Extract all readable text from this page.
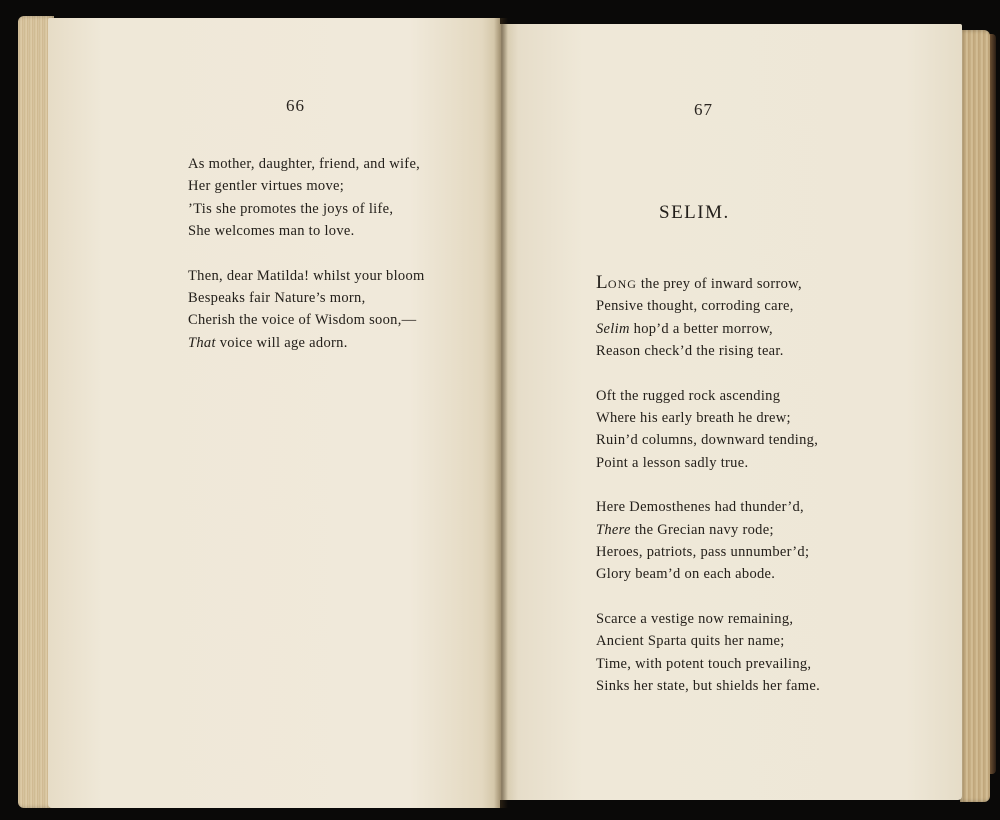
66
As mother, daughter, friend, and wife,
Her gentler virtues move;
’Tis she promotes the joys of life,
She welcomes man to love.
Then, dear Matilda! whilst your bloom
Bespeaks fair Nature’s morn,
Cherish the voice of Wisdom soon,—
That voice will age adorn.
67
SELIM.
LONG the prey of inward sorrow,
Pensive thought, corroding care,
Selim hop’d a better morrow,
Reason check’d the rising tear.
Oft the rugged rock ascending
Where his early breath he drew;
Ruin’d columns, downward tending,
Point a lesson sadly true.
Here Demosthenes had thunder’d,
There the Grecian navy rode;
Heroes, patriots, pass unnumber’d;
Glory beam’d on each abode.
Scarce a vestige now remaining,
Ancient Sparta quits her name;
Time, with potent touch prevailing,
Sinks her state, but shields her fame.
